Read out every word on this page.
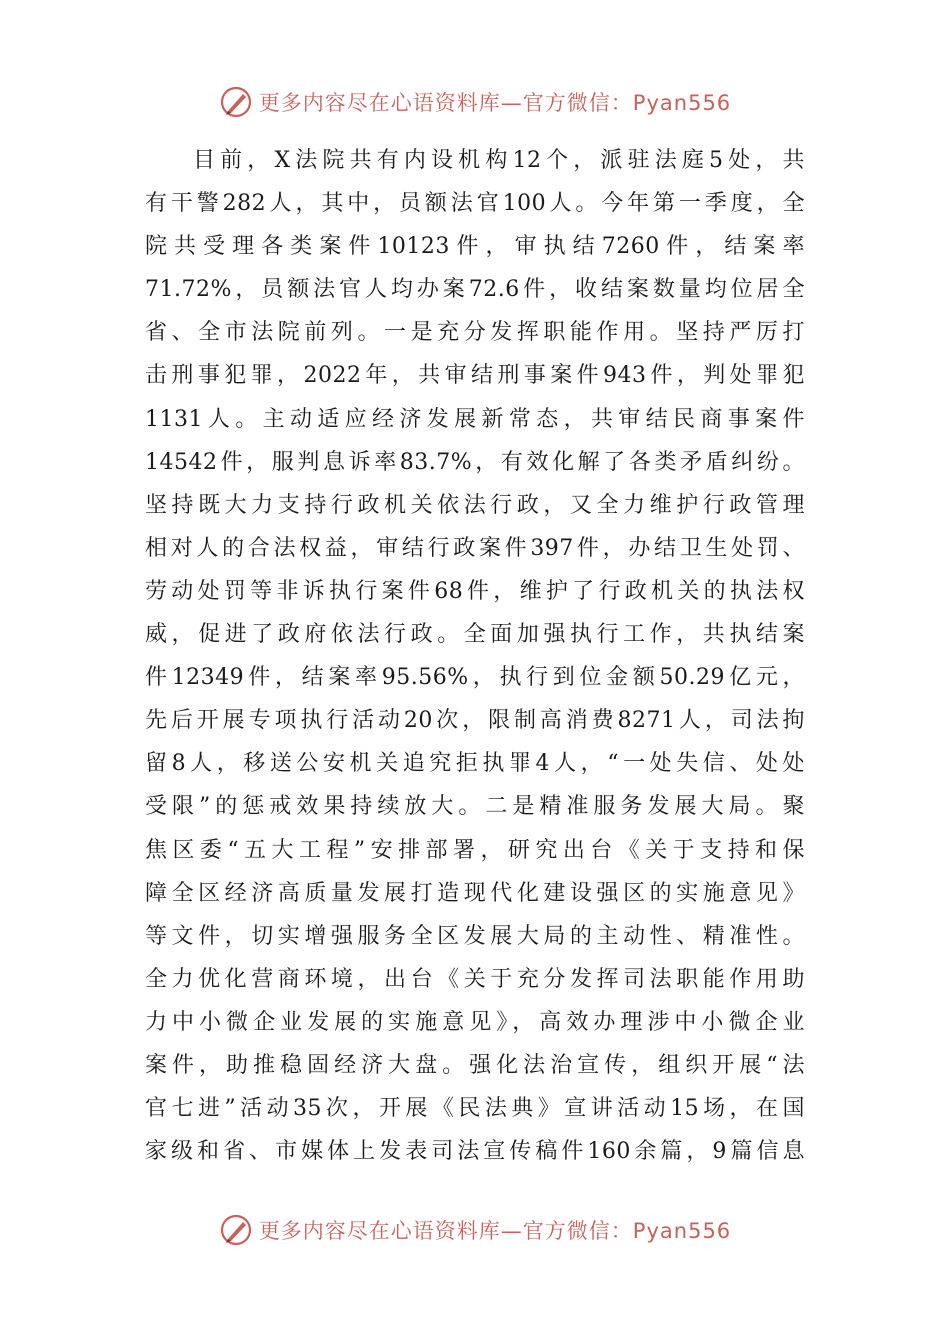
更多内容尽在心语资料库—官方微信：Pyan556
目前，X法院共有内设机构12个，派驻法庭5处，共
有干警282人，其中，员额法官100人。今年第一季度，全
院共受理各类案件10123件，审执结7260件，结案率
71.72%，员额法官人均办案72.6件，收结案数量均位居全
省、全市法院前列。一是充分发挥职能作用。坚持严厉打
击刑事犯罪，2022年，共审结刑事案件943件，判处罪犯
1131人。主动适应经济发展新常态，共审结民商事案件
14542件，服判息诉率83.7%，有效化解了各类矛盾纠纷。
坚持既大力支持行政机关依法行政，又全力维护行政管理
相对人的合法权益，审结行政案件397件，办结卫生处罚、
劳动处罚等非诉执行案件68件，维护了行政机关的执法权
威，促进了政府依法行政。全面加强执行工作，共执结案
件12349件，结案率95.56%，执行到位金额50.29亿元，
先后开展专项执行活动20次，限制高消费8271人，司法拘
留8人，移送公安机关追究拒执罪4人，“一处失信、处处
受限”的惩戒效果持续放大。二是精准服务发展大局。聚
焦区委“五大工程”安排部署，研究出台《关于支持和保
障全区经济高质量发展打造现代化建设强区的实施意见》
等文件，切实增强服务全区发展大局的主动性、精准性。
全力优化营商环境，出台《关于充分发挥司法职能作用助
力中小微企业发展的实施意见》，高效办理涉中小微企业
案件，助推稳固经济大盘。强化法治宣传，组织开展“法
官七进”活动35次，开展《民法典》宣讲活动15场，在国
家级和省、市媒体上发表司法宣传稿件160余篇，9篇信息
更多内容尽在心语资料库—官方微信：Pyan556
